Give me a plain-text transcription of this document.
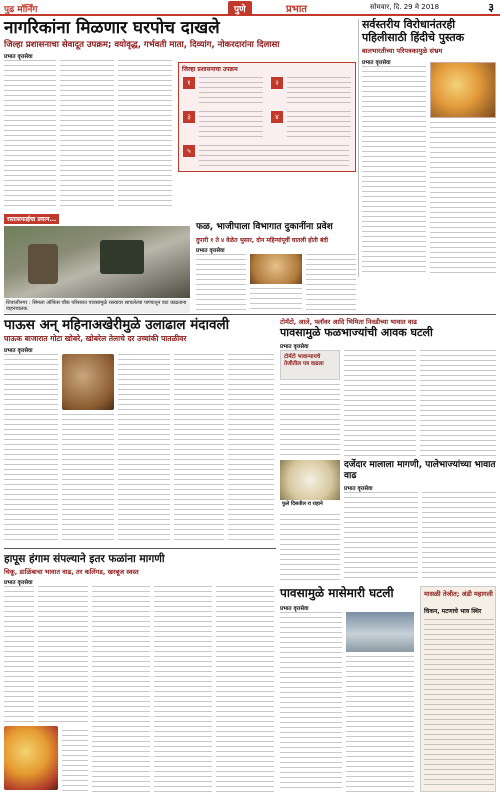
पुढ मॉर्निंग	पुणे	प्रभात	सोमवार, दि. 29 मे 2018	३
नागरिकांना मिळणार घरपोच दाखले
जिल्हा प्रशासनाचा सेवादूत उपक्रम; वयोवृद्ध, गर्भवती माता, दिव्यांग, नोकरदारांना दिलासा
प्रभात वृत्तसेवा
जिल्हा प्रशासनाचा उपक्रम
१	२
३	४
५
सर्वस्तरीय विरोधानंतरही पहिलीसाठी हिंदीचे पुस्तक
बालभारतीच्या परिपत्रकामुळे संभ्रम
प्रभात वृत्तसेवा
रस्तासफाईचा प्रयत्न...
शिवाजीनगर : सिमला ऑफिस चौक परिसरात पावसामुळे रस्त्यावर साचलेल्या पाण्यातून वाट काढताना वाहनचालक.
फळ, भाजीपाला विभागात दुकानींना प्रवेश
दुपारी १ ते ४ वेळेत भुसार, दोन महिन्यांपूर्वी घातली होती बंदी
प्रभात वृत्तसेवा
पाऊस अन् महिनाअखेरीमुळे उलाढाल मंदावली
घाऊक बाजारात गोटा खोबरे, खोबरेल तेलाचे दर उच्चांकी पातळीवर
प्रभात वृत्तसेवा
टोमॅटो, आले, फ्लॉवर आदि भिमिता निवडीच्या भावात वाढ
पावसामुळे फळभाज्यांची आवक घटली
प्रभात वृत्तसेवा
टोमॅटो भावान्यायचे तेजीतील पत्र वाढला
फुले दिसतील रा राहाने
दर्जेदार मालाला मागणी, पालेभाज्यांच्या भावात वाढ
प्रभात वृत्तसेवा
हापूस हंगाम संपल्याने इतर फळांना मागणी
चिकू, डाळिंबाचा भावात वाढ, तर कलिंगड, खरबूज स्वस्त
प्रभात वृत्तसेवा
पावसामुळे मासेमारी घटली
प्रभात वृत्तसेवा
मासळी तेजीत; अंडी महागली
चिकन, मटणाचे भाव स्थिर
